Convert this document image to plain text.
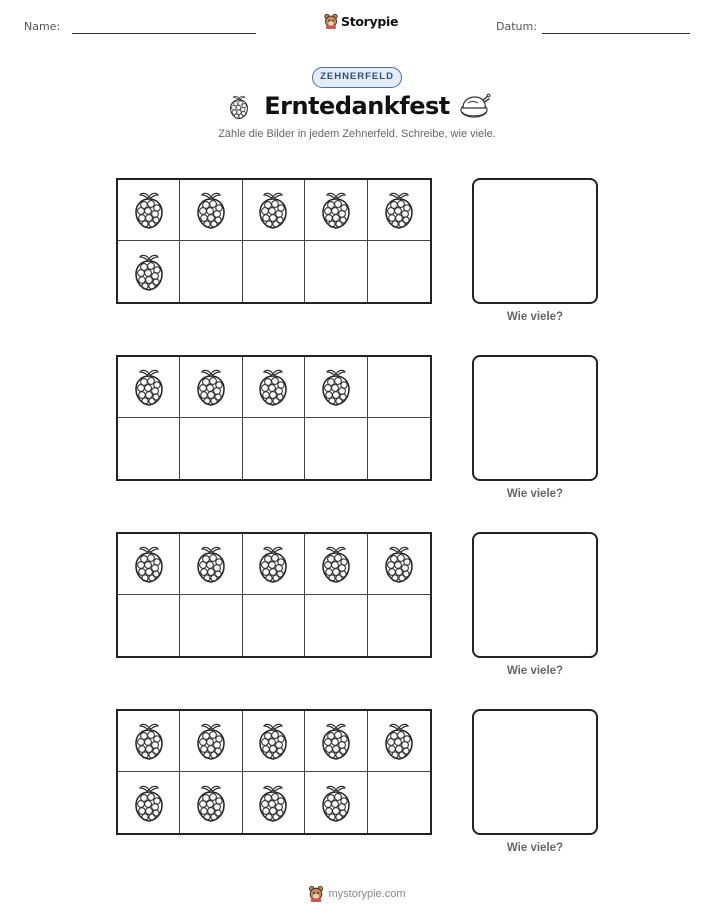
Name:	Storypie	Datum:
ZEHNERFELD
Erntedankfest
Zähle die Bilder in jedem Zehnerfeld. Schreibe, wie viele.
Wie viele?
Wie viele?
Wie viele?
Wie viele?
mystorypie.com
